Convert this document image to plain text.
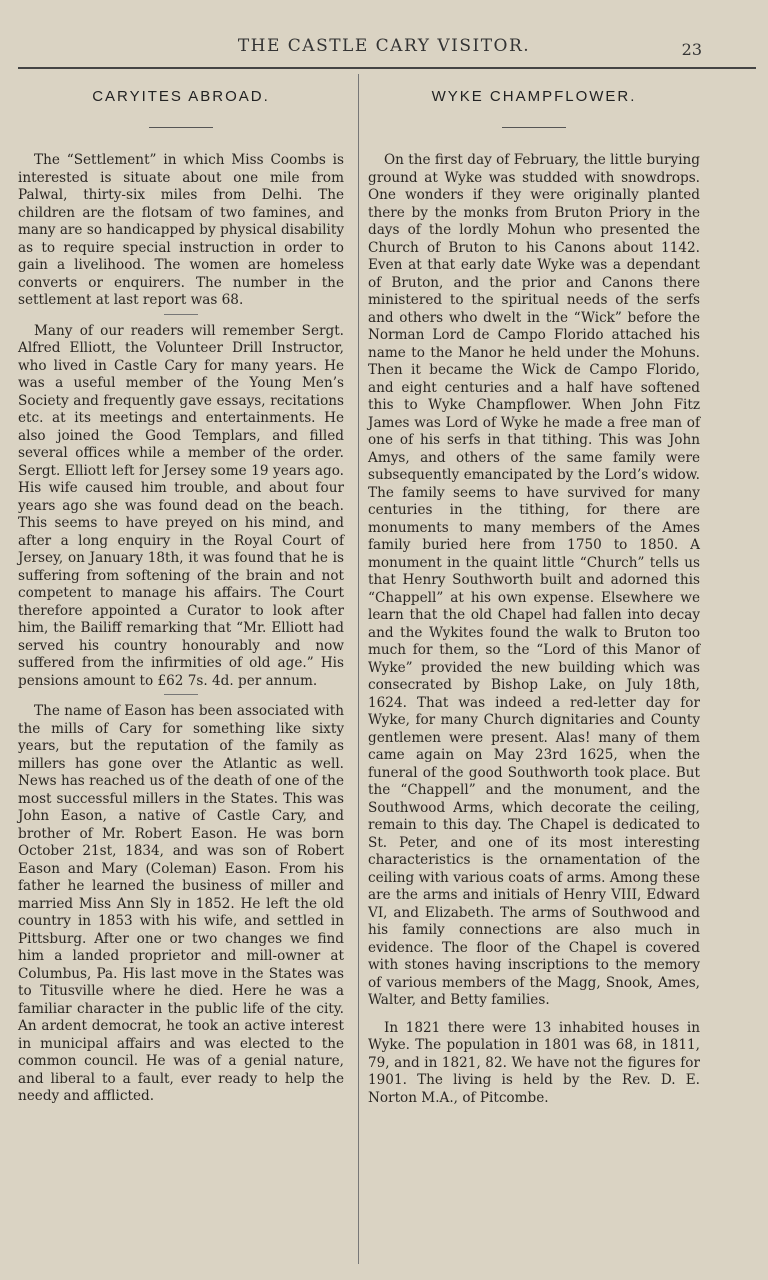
THE CASTLE CARY VISITOR.	23
CARYITES ABROAD.

The “Settlement” in which Miss Coombs is interested is situate about one mile from Palwal, thirty-six miles from Delhi. The children are the flotsam of two famines, and many are so handicapped by physical disability as to require special instruction in order to gain a livelihood. The women are homeless converts or enquirers. The number in the settlement at last report was 68.

Many of our readers will remember Sergt. Alfred Elliott, the Volunteer Drill Instructor, who lived in Castle Cary for many years. He was a useful member of the Young Men’s Society and frequently gave essays, recitations etc. at its meetings and entertainments. He also joined the Good Templars, and filled several offices while a member of the order. Sergt. Elliott left for Jersey some 19 years ago. His wife caused him trouble, and about four years ago she was found dead on the beach. This seems to have preyed on his mind, and after a long enquiry in the Royal Court of Jersey, on January 18th, it was found that he is suffering from softening of the brain and not competent to manage his affairs. The Court therefore appointed a Curator to look after him, the Bailiff remarking that “Mr. Elliott had served his country honourably and now suffered from the infirmities of old age.” His pensions amount to £62 7s. 4d. per annum.

The name of Eason has been associated with the mills of Cary for something like sixty years, but the reputation of the family as millers has gone over the Atlantic as well. News has reached us of the death of one of the most successful millers in the States. This was John Eason, a native of Castle Cary, and brother of Mr. Robert Eason. He was born October 21st, 1834, and was son of Robert Eason and Mary (Coleman) Eason. From his father he learned the business of miller and married Miss Ann Sly in 1852. He left the old country in 1853 with his wife, and settled in Pittsburg. After one or two changes we find him a landed proprietor and mill-owner at Columbus, Pa. His last move in the States was to Titusville where he died. Here he was a familiar character in the public life of the city. An ardent democrat, he took an active interest in municipal affairs and was elected to the common council. He was of a genial nature, and liberal to a fault, ever ready to help the needy and afflicted.

WYKE CHAMPFLOWER.

On the first day of February, the little burying ground at Wyke was studded with snowdrops. One wonders if they were originally planted there by the monks from Bruton Priory in the days of the lordly Mohun who presented the Church of Bruton to his Canons about 1142. Even at that early date Wyke was a dependant of Bruton, and the prior and Canons there ministered to the spiritual needs of the serfs and others who dwelt in the “Wick” before the Norman Lord de Campo Florido attached his name to the Manor he held under the Mohuns. Then it became the Wick de Campo Florido, and eight centuries and a half have softened this to Wyke Champflower. When John Fitz James was Lord of Wyke he made a free man of one of his serfs in that tithing. This was John Amys, and others of the same family were subsequently emancipated by the Lord’s widow. The family seems to have survived for many centuries in the tithing, for there are monuments to many members of the Ames family buried here from 1750 to 1850. A monument in the quaint little “Church” tells us that Henry Southworth built and adorned this “Chappell” at his own expense. Elsewhere we learn that the old Chapel had fallen into decay and the Wykites found the walk to Bruton too much for them, so the “Lord of this Manor of Wyke” provided the new building which was consecrated by Bishop Lake, on July 18th, 1624. That was indeed a red-letter day for Wyke, for many Church dignitaries and County gentlemen were present. Alas! many of them came again on May 23rd 1625, when the funeral of the good Southworth took place. But the “Chappell” and the monument, and the Southwood Arms, which decorate the ceiling, remain to this day. The Chapel is dedicated to St. Peter, and one of its most interesting characteristics is the ornamentation of the ceiling with various coats of arms. Among these are the arms and initials of Henry VIII, Edward VI, and Elizabeth. The arms of Southwood and his family connections are also much in evidence. The floor of the Chapel is covered with stones having inscriptions to the memory of various members of the Magg, Snook, Ames, Walter, and Betty families.

In 1821 there were 13 inhabited houses in Wyke. The population in 1801 was 68, in 1811, 79, and in 1821, 82. We have not the figures for 1901. The living is held by the Rev. D. E. Norton M.A., of Pitcombe.
